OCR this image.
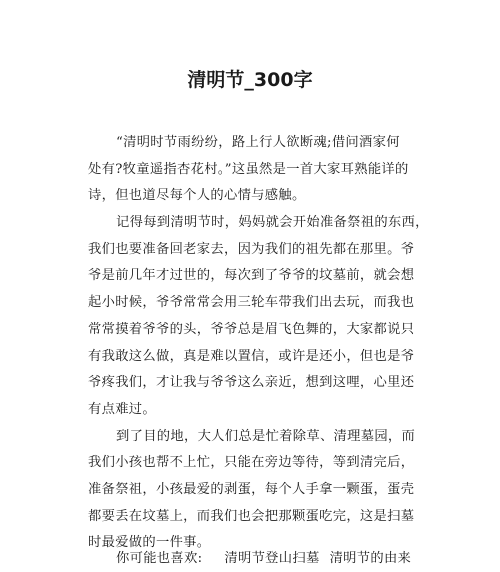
清明节_300字
“清明时节雨纷纷，路上行人欲断魂;借问酒家何
处有?牧童遥指杏花村。”这虽然是一首大家耳熟能详的
诗，但也道尽每个人的心情与感触。
记得每到清明节时，妈妈就会开始准备祭祖的东西，
我们也要准备回老家去，因为我们的祖先都在那里。爷
爷是前几年才过世的，每次到了爷爷的坟墓前，就会想
起小时候，爷爷常常会用三轮车带我们出去玩，而我也
常常摸着爷爷的头，爷爷总是眉飞色舞的，大家都说只
有我敢这么做，真是难以置信，或许是还小，但也是爷
爷疼我们，才让我与爷爷这么亲近，想到这哩，心里还
有点难过。
到了目的地，大人们总是忙着除草、清理墓园，而
我们小孩也帮不上忙，只能在旁边等待，等到清完后，
准备祭祖，小孩最爱的剥蛋，每个人手拿一颗蛋，蛋壳
都要丢在坟墓上，而我们也会把那颗蛋吃完，这是扫墓
时最爱做的一件事。
你可能也喜欢: 清明节登山扫墓 清明节的由来
